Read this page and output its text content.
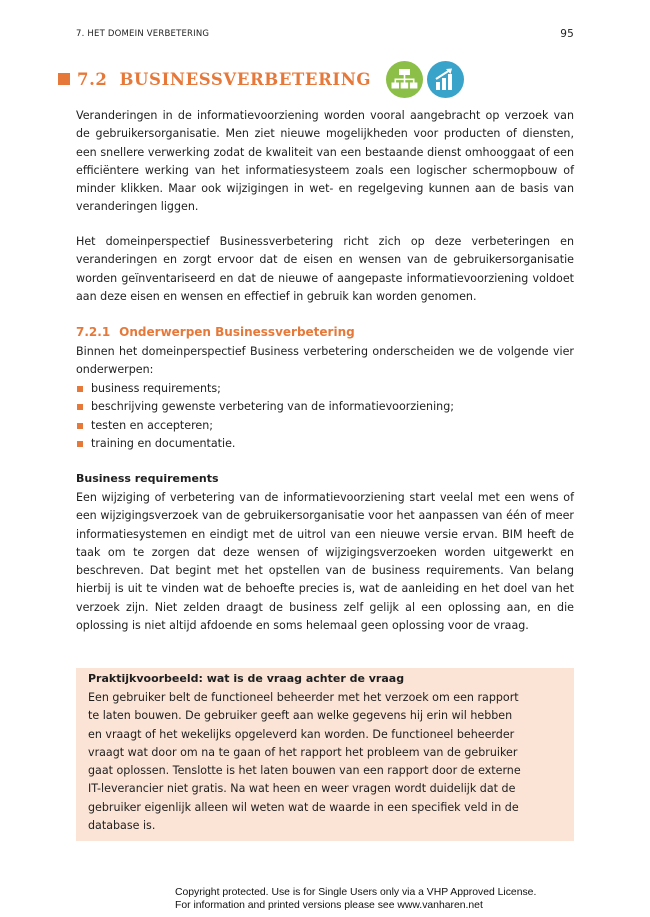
7. HET DOMEIN VERBETERING	95
7.2 BUSINESSVERBETERING

Veranderingen in de informatievoorziening worden vooral aangebracht op verzoek van de gebruikersorganisatie. Men ziet nieuwe mogelijkheden voor producten of diensten, een snellere verwerking zodat de kwaliteit van een bestaande dienst omhooggaat of een efficiëntere werking van het informatiesysteem zoals een logischer schermopbouw of minder klikken. Maar ook wijzigingen in wet- en regelgeving kunnen aan de basis van veranderingen liggen.

Het domeinperspectief Businessverbetering richt zich op deze verbeteringen en veranderingen en zorgt ervoor dat de eisen en wensen van de gebruikersorganisatie worden geïnventariseerd en dat de nieuwe of aangepaste informatievoorziening voldoet aan deze eisen en wensen en effectief in gebruik kan worden genomen.

7.2.1 Onderwerpen Businessverbetering

Binnen het domeinperspectief Business verbetering onderscheiden we de volgende vier onderwerpen:

business requirements;
beschrijving gewenste verbetering van de informatievoorziening;
testen en accepteren;
training en documentatie.
Business requirements

Een wijziging of verbetering van de informatievoorziening start veelal met een wens of een wijzigingsverzoek van de gebruikersorganisatie voor het aanpassen van één of meer informatiesystemen en eindigt met de uitrol van een nieuwe versie ervan. BIM heeft de taak om te zorgen dat deze wensen of wijzigingsverzoeken worden uitgewerkt en beschreven. Dat begint met het opstellen van de business requirements. Van belang hierbij is uit te vinden wat de behoefte precies is, wat de aanleiding en het doel van het verzoek zijn. Niet zelden draagt de business zelf gelijk al een oplossing aan, en die oplossing is niet altijd afdoende en soms helemaal geen oplossing voor de vraag.

Praktijkvoorbeeld: wat is de vraag achter de vraag
Een gebruiker belt de functioneel beheerder met het verzoek om een rapport
te laten bouwen. De gebruiker geeft aan welke gegevens hij erin wil hebben
en vraagt of het wekelijks opgeleverd kan worden. De functioneel beheerder
vraagt wat door om na te gaan of het rapport het probleem van de gebruiker
gaat oplossen. Tenslotte is het laten bouwen van een rapport door de externe
IT-leverancier niet gratis. Na wat heen en weer vragen wordt duidelijk dat de
gebruiker eigenlijk alleen wil weten wat de waarde in een specifiek veld in de
database is.
Copyright protected. Use is for Single Users only via a VHP Approved License.
For information and printed versions please see www.vanharen.net
